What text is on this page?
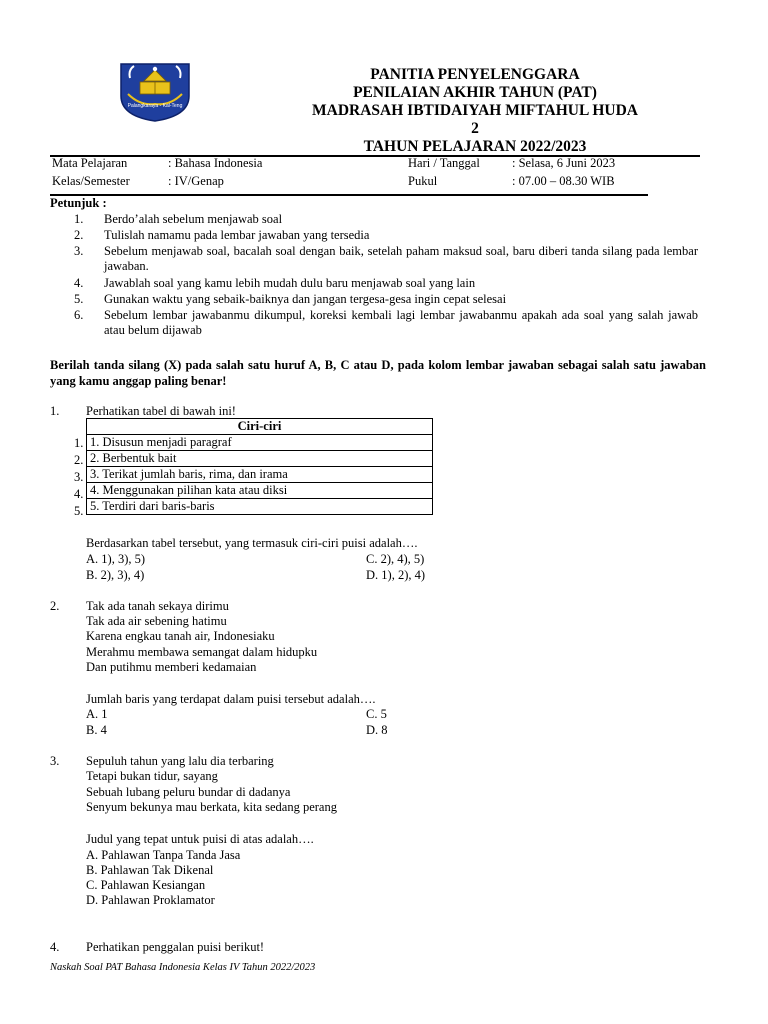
Palangkaraya - Kal-Teng
PANITIA PENYELENGGARA
PENILAIAN AKHIR TAHUN (PAT)
MADRASAH IBTIDAIYAH MIFTAHUL HUDA
2
TAHUN PELAJARAN 2022/2023
Mata Pelajaran	: Bahasa Indonesia	Hari / Tanggal	: Selasa, 6 Juni 2023
Kelas/Semester	: IV/Genap	Pukul	: 07.00 – 08.30 WIB
Petunjuk :
1. Berdo’alah sebelum menjawab soal
2. Tulislah namamu pada lembar jawaban yang tersedia
3. Sebelum menjawab soal, bacalah soal dengan baik, setelah paham maksud soal, baru diberi tanda silang pada lembar jawaban.
4. Jawablah soal yang kamu lebih mudah dulu baru menjawab soal yang lain
5. Gunakan waktu yang sebaik-baiknya dan jangan tergesa-gesa ingin cepat selesai
6. Sebelum lembar jawabanmu dikumpul, koreksi kembali lagi lembar jawabanmu apakah ada soal yang salah jawab atau belum dijawab
Berilah tanda silang (X) pada salah satu huruf A, B, C atau D, pada kolom lembar jawaban sebagai salah satu jawaban yang kamu anggap paling benar!
1. Perhatikan tabel di bawah ini!
1.
2.
3.
4.
5.
Ciri-ciri
1. Disusun menjadi paragraf
2. Berbentuk bait
3. Terikat jumlah baris, rima, dan irama
4. Menggunakan pilihan kata atau diksi
5. Terdiri dari baris-baris
Berdasarkan tabel tersebut, yang termasuk ciri-ciri puisi adalah….
A. 1), 3), 5)	C. 2), 4), 5)
B. 2), 3), 4)	D. 1), 2), 4)
2. Tak ada tanah sekaya dirimu
Tak ada air sebening hatimu
Karena engkau tanah air, Indonesiaku
Merahmu membawa semangat dalam hidupku
Dan putihmu memberi kedamaian
Jumlah baris yang terdapat dalam puisi tersebut adalah….
A. 1	C. 5
B. 4	D. 8
3. Sepuluh tahun yang lalu dia terbaring
Tetapi bukan tidur, sayang
Sebuah lubang peluru bundar di dadanya
Senyum bekunya mau berkata, kita sedang perang
Judul yang tepat untuk puisi di atas adalah….
A. Pahlawan Tanpa Tanda Jasa
B. Pahlawan Tak Dikenal
C. Pahlawan Kesiangan
D. Pahlawan Proklamator
4. Perhatikan penggalan puisi berikut!
Naskah Soal PAT Bahasa Indonesia Kelas IV Tahun 2022/2023
